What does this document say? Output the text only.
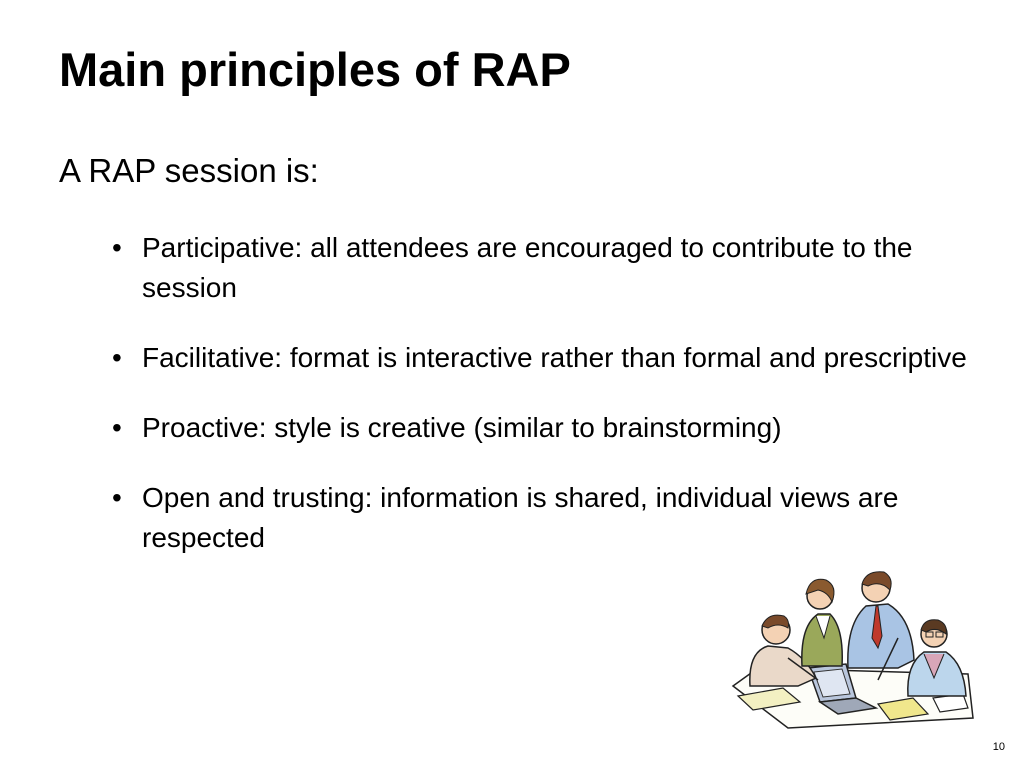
Main principles of RAP

A RAP session is:

• Participative: all attendees are encouraged to contribute to the session
• Facilitative: format is interactive rather than formal and prescriptive
• Proactive: style is creative (similar to brainstorming)
• Open and trusting: information is shared, individual views are respected
10
